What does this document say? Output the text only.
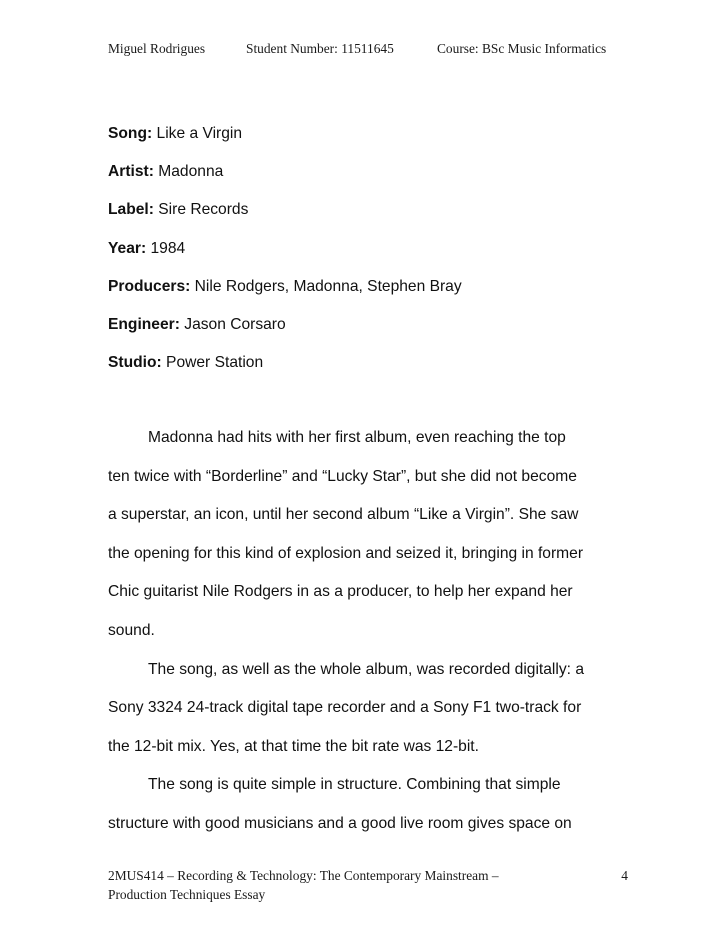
Miguel Rodrigues	Student Number: 11511645	Course: BSc Music Informatics
Song: Like a Virgin
Artist: Madonna
Label: Sire Records
Year: 1984
Producers: Nile Rodgers, Madonna, Stephen Bray
Engineer: Jason Corsaro
Studio: Power Station
Madonna had hits with her first album, even reaching the top
ten twice with “Borderline” and “Lucky Star”, but she did not become
a superstar, an icon, until her second album “Like a Virgin”. She saw
the opening for this kind of explosion and seized it, bringing in former
Chic guitarist Nile Rodgers in as a producer, to help her expand her
sound.
The song, as well as the whole album, was recorded digitally: a
Sony 3324 24-track digital tape recorder and a Sony F1 two-track for
the 12-bit mix. Yes, at that time the bit rate was 12-bit.
The song is quite simple in structure. Combining that simple
structure with good musicians and a good live room gives space on
2MUS414 – Recording & Technology: The Contemporary Mainstream –
Production Techniques Essay
4
